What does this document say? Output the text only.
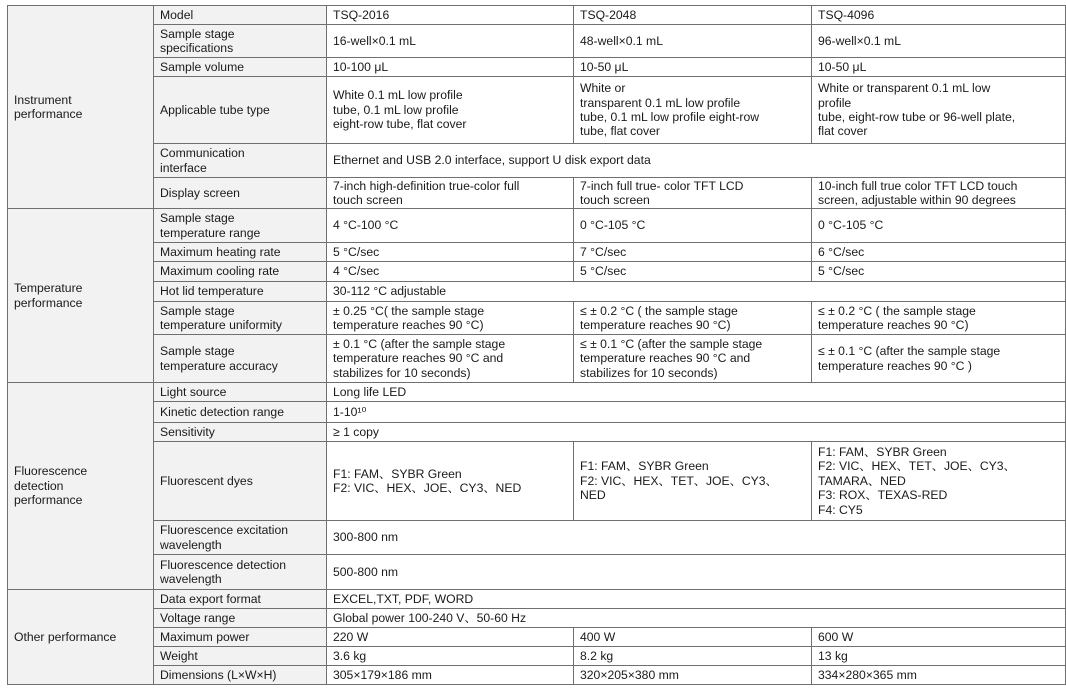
Instrument
performance	Model	TSQ-2016	TSQ-2048	TSQ-4096
	Sample stage
specifications	16-well×0.1 mL	48-well×0.1 mL	96-well×0.1 mL
	Sample volume	10-100 μL	10-50 μL	10-50 μL
	Applicable tube type	White 0.1 mL low profile
tube, 0.1 mL low profile
eight-row tube, flat cover	White or
transparent 0.1 mL low profile
tube, 0.1 mL low profile eight-row
tube, flat cover	White or transparent 0.1 mL low
profile
tube, eight-row tube or 96-well plate,
flat cover
	Communication
interface	Ethernet and USB 2.0 interface, support U disk export data		
	Display screen	7-inch high-definition true-color full
touch screen	7-inch full true- color TFT LCD
touch screen	10-inch full true color TFT LCD touch
screen, adjustable within 90 degrees
Temperature
performance	Sample stage
temperature range	4 °C-100 °C	0 °C-105 °C	0 °C-105 °C
	Maximum heating rate	5 °C/sec	7 °C/sec	6 °C/sec
	Maximum cooling rate	4 °C/sec	5 °C/sec	5 °C/sec
	Hot lid temperature	30-112 °C adjustable		
	Sample stage
temperature uniformity	± 0.25 °C( the sample stage
temperature reaches 90 °C)	≤ ± 0.2 °C ( the sample stage
temperature reaches 90 °C)	≤ ± 0.2 °C ( the sample stage
temperature reaches 90 °C)
	Sample stage
temperature accuracy	± 0.1 °C (after the sample stage
temperature reaches 90 °C and
stabilizes for 10 seconds)	≤ ± 0.1 °C (after the sample stage
temperature reaches 90 °C and
stabilizes for 10 seconds)	≤ ± 0.1 °C (after the sample stage
temperature reaches 90 °C )
Fluorescence
detection
performance	Light source	Long life LED		
	Kinetic detection range	1-10¹⁰		
	Sensitivity	≥ 1 copy		
	Fluorescent dyes	F1: FAM、SYBR Green
F2: VIC、HEX、JOE、CY3、NED	F1: FAM、SYBR Green
F2: VIC、HEX、TET、JOE、CY3、
NED	F1: FAM、SYBR Green
F2: VIC、HEX、TET、JOE、CY3、
TAMARA、NED
F3: ROX、TEXAS-RED
F4: CY5
	Fluorescence excitation
wavelength	300-800 nm		
	Fluorescence detection
wavelength	500-800 nm		
Other performance	Data export format	EXCEL,TXT, PDF, WORD		
	Voltage range	Global power 100-240 V、50-60 Hz		
	Maximum power	220 W	400 W	600 W
	Weight	3.6 kg	8.2 kg	13 kg
	Dimensions (L×W×H)	305×179×186 mm	320×205×380 mm	334×280×365 mm
